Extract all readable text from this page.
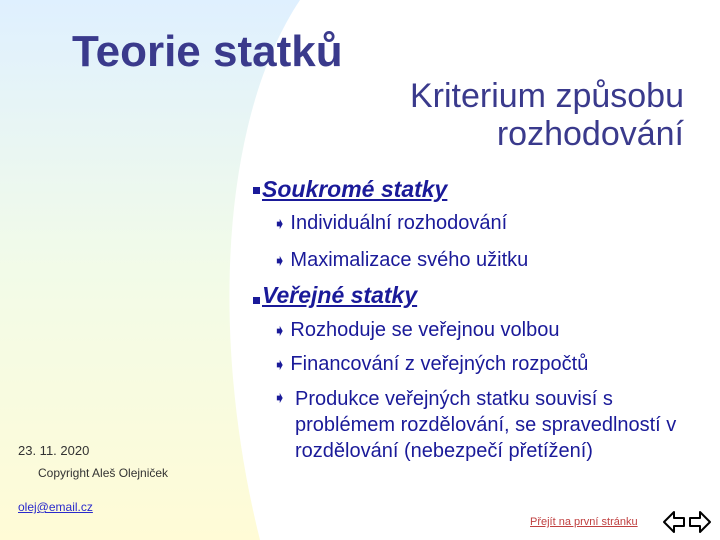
Teorie statků
Kriterium způsobu
rozhodování
Soukromé statky
➧ Individuální rozhodování
➧ Maximalizace svého užitku
Veřejné statky
➧ Rozhoduje se veřejnou volbou
➧ Financování z veřejných rozpočtů
➧ Produkce veřejných statku souvisí s problémem rozdělování, se spravedlností v rozdělování (nebezpečí přetížení)
23. 11. 2020
Copyright Aleš Olejniček
olej@email.cz
Přejít na první stránku
